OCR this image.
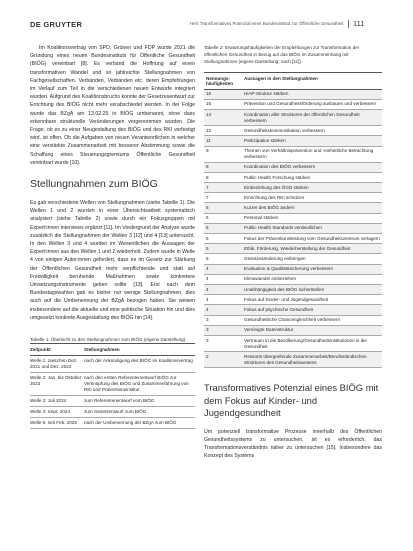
DE GRUYTER	Hell: Transformatives Potenzial einer Bundesinstitut zur Öffentliche Gesundheit 111

Im Koalitionsvertrag von SPD, Grünen und FDP wurde 2021 die Gründung eines neuen Bundesinstituts für Öffentliche Gesundheit (BIÖG) vereinbart [8]. Es verband die Hoffnung auf einen transformativen Wandel und so jahlreichte Stellungnahmen von Fachgesellschaften. Verbänden, Verbänden etc. deren Empfehlungen im Verlauf zum Teil in die verschiedenen neuen Entwürfe integriert wurden. Aufgrund des Koalitionsbruchs konnte der Gesetzesentwurf zur Errichtung des BIÖG nicht mehr verabschiedet werden. In der Folge wurde das BZgA am 13.02.25 in BIÖG umbenannt, ohne dass erkennbare strukturelle Veränderungen vorgenommen wurden. Die Frage, ob es zu einer Neugestaltung des BIÖG und des RKI verfestigt wird, ist offen. Ob die Aufgaben von neuen Verantwortlichen in welcher eine verstärkte Zusammenarbeit mit besserer Abstimmung sowie die Schaffung eines Steuerungsgremiums Öffentliche Gesundheit vereinbart wurde [10].

Stellungnahmen zum BIÖG

Es gab verschiedene Wellen von Stellungnahmen (siehe Tabelle 1). Die Wellen 1 und 2 wurden in einer Übersichtsarbeit systematisch analysiert (siehe Tabelle 2) sowie durch ein Fokusgruppen mit Expert:innen interviews ergänzt [11]. Im Vordergrund der Analyse wurde zusätzlich die Stellungnahmen der Wellen 3 [12] und 4 [13] untersucht. In den Wellen 3 und 4 wurden im Wesentlichen die Aussagen der Expert:innen aus den Wellen 1 und 2 wiederholt. Zudem wurde in Welle 4 von einigen Autor:innen gefordert, dass es im Gesetz zur Stärkung der Öffentlichen Gesundheit mehr verpflichtende und statt auf Freiwilligkeit beruhende Maßnahmen sowie konkretere Umsetzungsinstrumente geben sollte [13]. Erst nach dem Bundestagswahlen gab es bisher nur wenige Stellungnahmen, dies auch auf die Umbenennung der BZgA bezogen haben. Sie weisen insbesondere auf die aktuelle und eine politische Situation hin und dies umgesetzt konkrete Ausgestaltung des BIÖG hin [14].

Tabelle 1: Übersicht zu den Stellungnahmen zum BIÖG (eigene Darstellung).
Zeitpunkt	Stellungnahmen
Welle 1: zwischen Dez. 2021 und Dez. 2022	nach der Ankündigung des BIÖG im Koalitionsvertrag
Welle 2: Jan. bis Oktober 2023	nach den ersten Referentenentwurf BIÖG zur Verknüpfung des BIÖG und Zusammenführung von RKI und Präventionsinstitut
Welle 3: Juli 2024	zum Referentenentwurf vom BIÖG
Welle 4: Sept. 2024	zum Gesetzentwurf zum BIÖG
Welle 5: seit Feb. 2025	nach der Umbenennung der BZgA zum BIÖG
Tabelle 2: Erwartungshäufigkeiten der Empfehlungen zur Transformation der öffentlichen Gesundheit in Bezug auf das BIÖG im Zusammenhang mit Stellungnahmen (eigene Darstellung; nach [11]).
Nennungshäufigkeiten	Aussagen in den Stellungnahmen
16	HiAP-Struktur stärken
15	Prävention und Gesundheitsförderung ausbauen und verbessern
14	Koordination aller Strukturen der öffentlichen Gesundheit verbessern
13	Gesundheitskommunikation verbessern
11	Partizipation stärken
9	Themen von Verhältnisprävention und -einheitliche Betrachtung verbessern
8	Koordination des BIÖG verbessern
8	Public Health Forschung stärken
7	Einbeziehung des ÖGD stärken
7	Einrichtung des RKI schützen
6	Kurzer des BIÖG ändern
6	Personal stärken
6	Public Health Standards verdeutlichen
5	Fokus der Präventionsleistung vom Gesundheitszentrum verlagern
5	Ethik, Förderung, Wiederherstellung der Gesundheit
5	Gesetzesänderung einbringen
4	Evaluation & Qualitätssicherung verbessern
4	Klimawandel einbeziehen
4	Unabhängigkeit des BIÖG sicherstellen
4	Fokus auf Kinder- und Jugendgesundheit
4	Fokus auf psychische Gesundheit
3	Gesundheitliche Chancengleichheit verbessern
3	Vereinigte Datenstruktur
3	Vertrauen in die Bevölkerung/Gesundheitsinstitutionen in die Gesundheit
2	Ressorts übergreifende Zusammenarbeit/Berufsständischen Strukturen des Gesundheitswesens
Transformatives Potenzial eines BIÖG mit dem Fokus auf Kinder- und Jugendgesundheit

Um potenziell transformative Prozesse innerhalb des Öffentlichen Gesundheitssystems zu untersuchen, ist es erforderlich, das Transformationsverständnis näher zu untersuchen [15]. Insbesondere das Konzept des Systems
